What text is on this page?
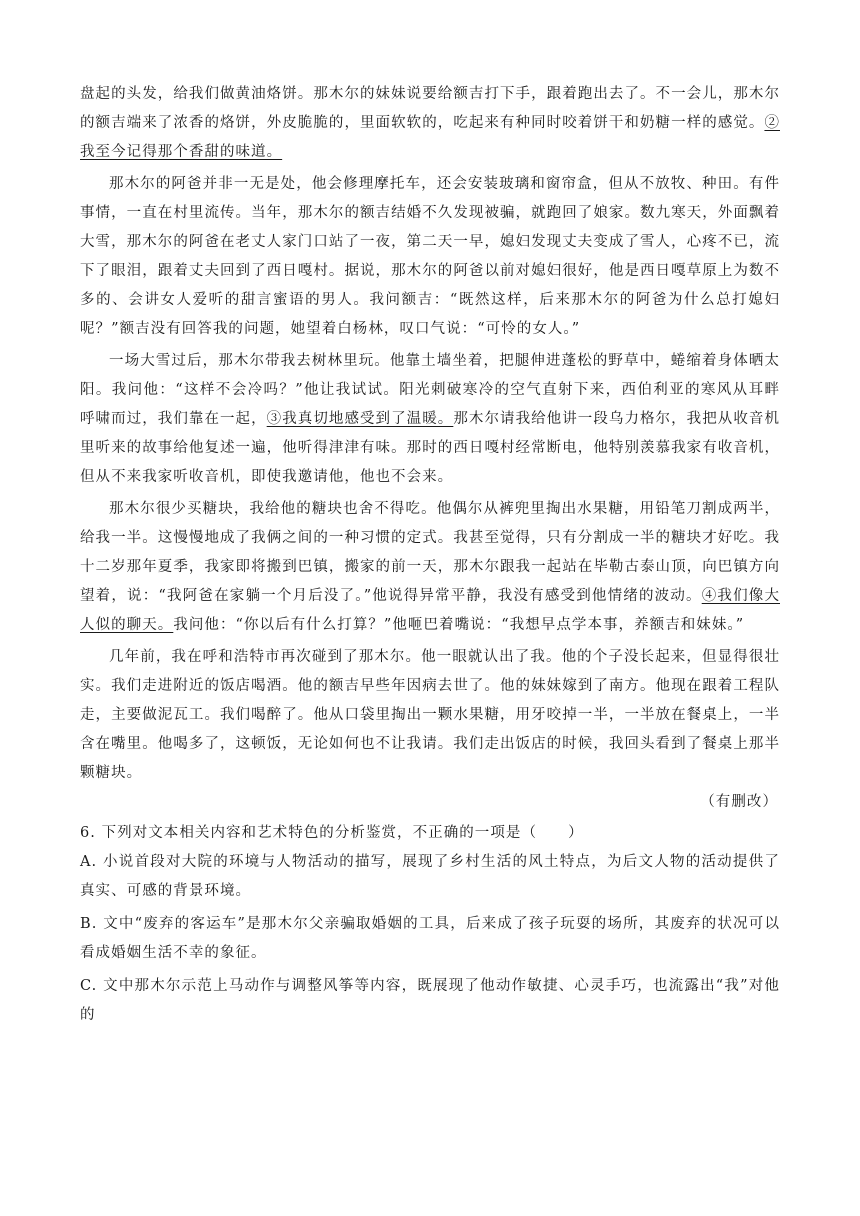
盘起的头发，给我们做黄油烙饼。那木尔的妹妹说要给额吉打下手，跟着跑出去了。不一会儿，那木尔的额吉端来了浓香的烙饼，外皮脆脆的，里面软软的，吃起来有种同时咬着饼干和奶糖一样的感觉。②我至今记得那个香甜的味道。

那木尔的阿爸并非一无是处，他会修理摩托车，还会安装玻璃和窗帘盒，但从不放牧、种田。有件事情，一直在村里流传。当年，那木尔的额吉结婚不久发现被骗，就跑回了娘家。数九寒天，外面飘着大雪，那木尔的阿爸在老丈人家门口站了一夜，第二天一早，媳妇发现丈夫变成了雪人，心疼不已，流下了眼泪，跟着丈夫回到了西日嘎村。据说，那木尔的阿爸以前对媳妇很好，他是西日嘎草原上为数不多的、会讲女人爱听的甜言蜜语的男人。我问额吉：“既然这样，后来那木尔的阿爸为什么总打媳妇呢？”额吉没有回答我的问题，她望着白杨林，叹口气说：“可怜的女人。”

一场大雪过后，那木尔带我去树林里玩。他靠土墙坐着，把腿伸进蓬松的野草中，蜷缩着身体晒太阳。我问他：“这样不会冷吗？”他让我试试。阳光刺破寒冷的空气直射下来，西伯利亚的寒风从耳畔呼啸而过，我们靠在一起，③我真切地感受到了温暖。那木尔请我给他讲一段乌力格尔，我把从收音机里听来的故事给他复述一遍，他听得津津有味。那时的西日嘎村经常断电，他特别羡慕我家有收音机，但从不来我家听收音机，即使我邀请他，他也不会来。

那木尔很少买糖块，我给他的糖块也舍不得吃。他偶尔从裤兜里掏出水果糖，用铅笔刀割成两半，给我一半。这慢慢地成了我俩之间的一种习惯的定式。我甚至觉得，只有分割成一半的糖块才好吃。我十二岁那年夏季，我家即将搬到巴镇，搬家的前一天，那木尔跟我一起站在毕勒古泰山顶，向巴镇方向望着，说：“我阿爸在家躺一个月后没了。”他说得异常平静，我没有感受到他情绪的波动。④我们像大人似的聊天。我问他：“你以后有什么打算？”他咂巴着嘴说：“我想早点学本事，养额吉和妹妹。”

几年前，我在呼和浩特市再次碰到了那木尔。他一眼就认出了我。他的个子没长起来，但显得很壮实。我们走进附近的饭店喝酒。他的额吉早些年因病去世了。他的妹妹嫁到了南方。他现在跟着工程队走，主要做泥瓦工。我们喝醉了。他从口袋里掏出一颗水果糖，用牙咬掉一半，一半放在餐桌上，一半含在嘴里。他喝多了，这顿饭，无论如何也不让我请。我们走出饭店的时候，我回头看到了餐桌上那半颗糖块。

（有删改）

6. 下列对文本相关内容和艺术特色的分析鉴赏，不正确的一项是（　　）

A. 小说首段对大院的环境与人物活动的描写，展现了乡村生活的风土特点，为后文人物的活动提供了真实、可感的背景环境。

B. 文中“废弃的客运车”是那木尔父亲骗取婚姻的工具，后来成了孩子玩耍的场所，其废弃的状况可以看成婚姻生活不幸的象征。

C. 文中那木尔示范上马动作与调整风筝等内容，既展现了他动作敏捷、心灵手巧，也流露出“我”对他的
